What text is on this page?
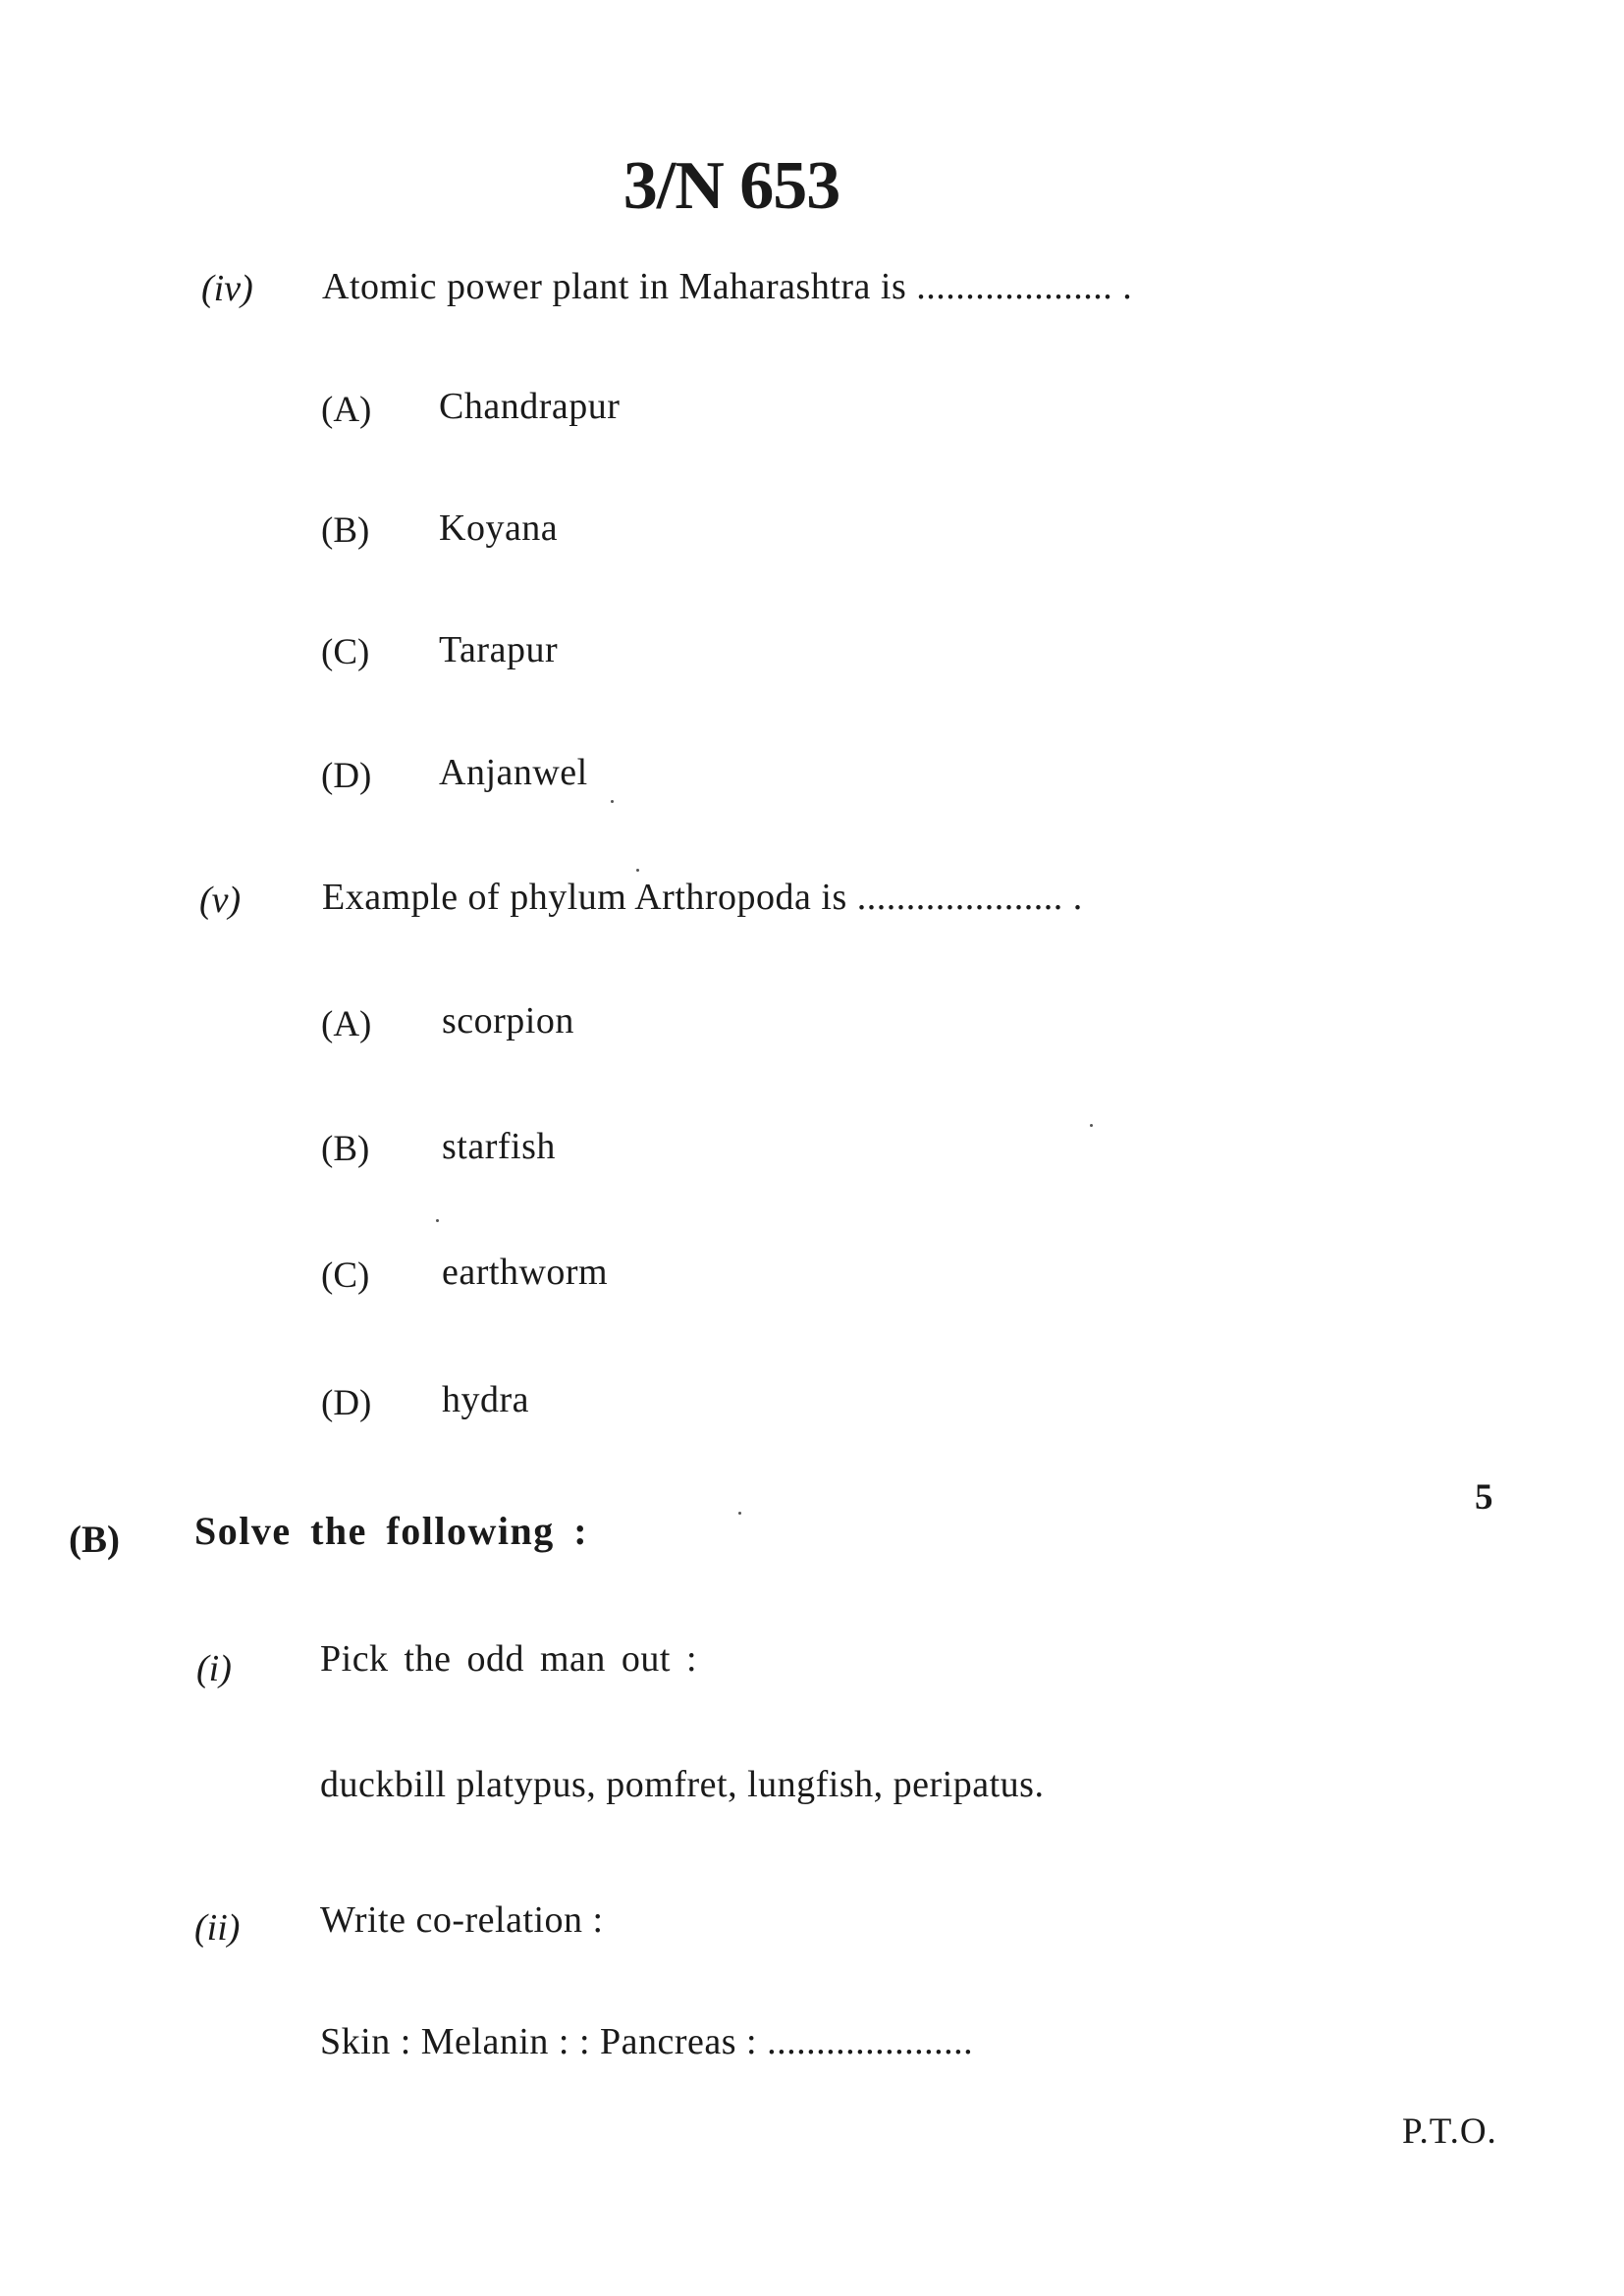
3/N 653
(iv) Atomic power plant in Maharashtra is .................... .
(A) Chandrapur
(B) Koyana
(C) Tarapur
(D) Anjanwel
(v) Example of phylum Arthropoda is ..................... .
(A) scorpion
(B) starfish
(C) earthworm
(D) hydra
5
(B) Solve the following :
(i) Pick the odd man out :
duckbill platypus, pomfret, lungfish, peripatus.
(ii) Write co-relation :
Skin : Melanin : : Pancreas : .....................
P.T.O.
